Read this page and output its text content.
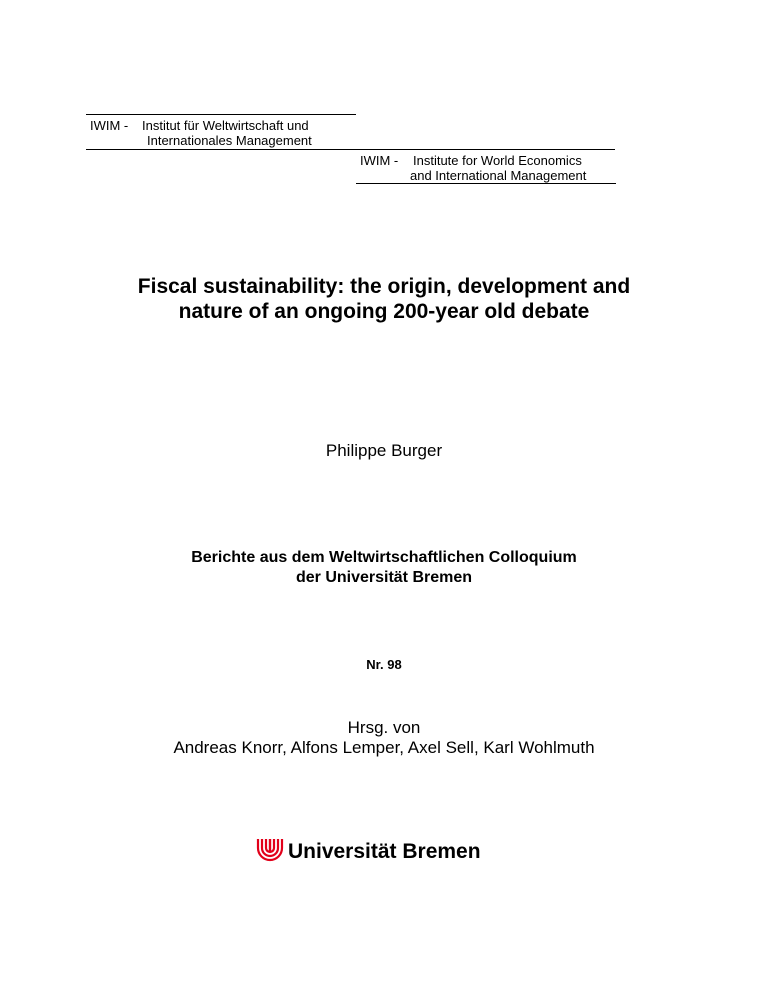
IWIM - Institut für Weltwirtschaft und
Internationales Management
IWIM - Institute for World Economics
and International Management
Fiscal sustainability: the origin, development and
nature of an ongoing 200-year old debate
Philippe Burger
Berichte aus dem Weltwirtschaftlichen Colloquium
der Universität Bremen
Nr. 98
Hrsg. von
Andreas Knorr, Alfons Lemper, Axel Sell, Karl Wohlmuth
Universität Bremen
